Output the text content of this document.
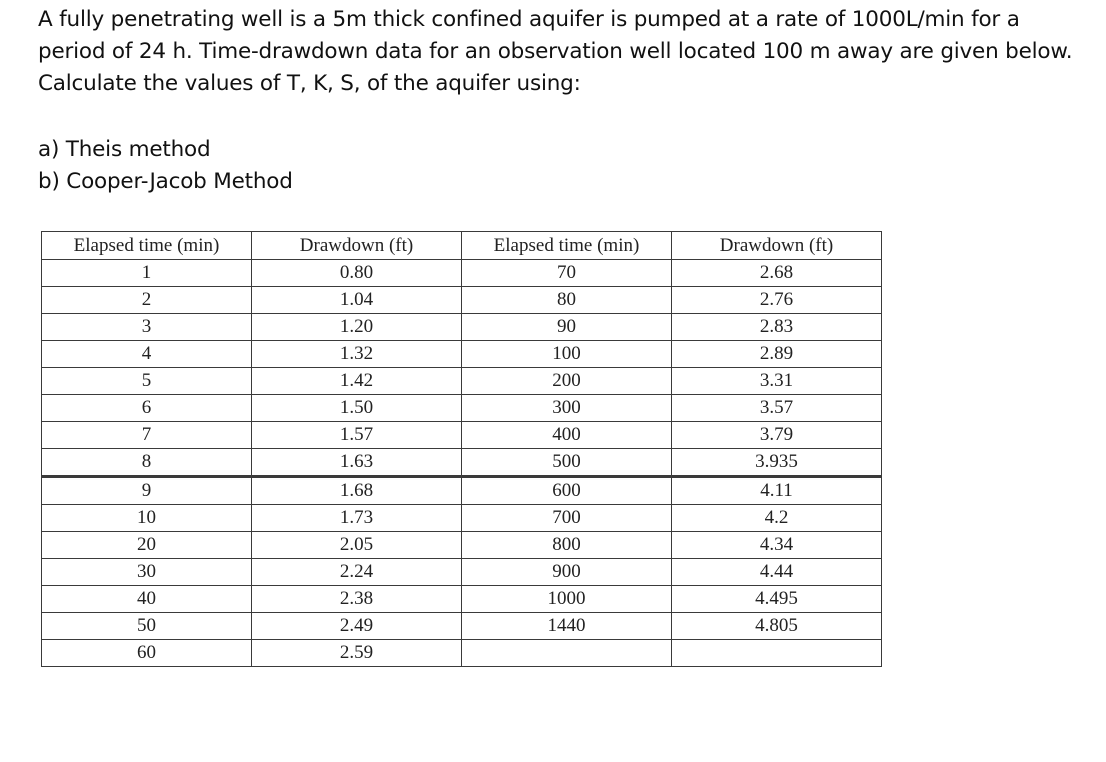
A fully penetrating well is a 5m thick confined aquifer is pumped at a rate of 1000L/min for a period of 24 h. Time-drawdown data for an observation well located 100 m away are given below. Calculate the values of T, K, S, of the aquifer using:

a) Theis method
b) Cooper-Jacob Method
Elapsed time (min)	Drawdown (ft)	Elapsed time (min)	Drawdown (ft)
1	0.80	70	2.68
2	1.04	80	2.76
3	1.20	90	2.83
4	1.32	100	2.89
5	1.42	200	3.31
6	1.50	300	3.57
7	1.57	400	3.79
8	1.63	500	3.935
9	1.68	600	4.11
10	1.73	700	4.2
20	2.05	800	4.34
30	2.24	900	4.44
40	2.38	1000	4.495
50	2.49	1440	4.805
60	2.59		
